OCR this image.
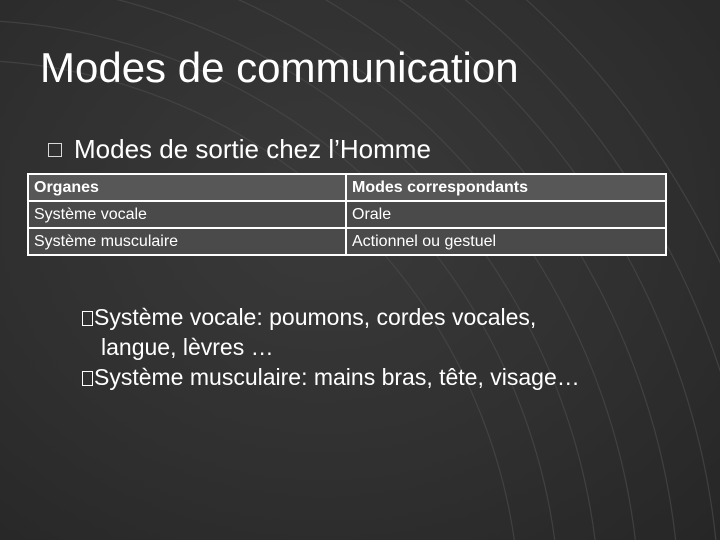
Modes de communication
Modes de sortie chez l’Homme
Organes	Modes correspondants
Système vocale	Orale
Système musculaire	Actionnel ou gestuel
Système vocale: poumons, cordes vocales,
langue, lèvres …
Système musculaire: mains bras, tête, visage…
